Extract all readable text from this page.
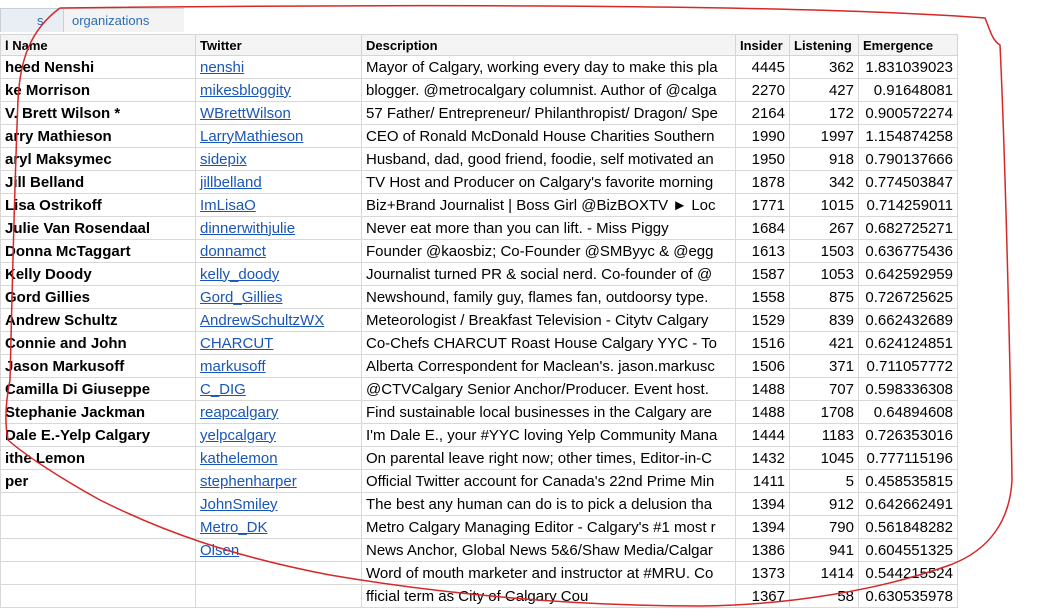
s	organizations
l Name	Twitter	Description	Insider	Listening	Emergence
heed Nenshi	nenshi	Mayor of Calgary, working every day to make this pla	4445	362	1.831039023
ke Morrison	mikesbloggity	blogger. @metrocalgary columnist. Author of @calga	2270	427	0.91648081
V. Brett Wilson *	WBrettWilson	57 Father/ Entrepreneur/ Philanthropist/ Dragon/ Spe	2164	172	0.900572274
arry Mathieson	LarryMathieson	CEO of Ronald McDonald House Charities Southern	1990	1997	1.154874258
aryl Maksymec	sidepix	Husband, dad, good friend, foodie, self motivated an	1950	918	0.790137666
Jill Belland	jillbelland	TV Host and Producer on Calgary's favorite morning	1878	342	0.774503847
Lisa Ostrikoff	ImLisaO	Biz+Brand Journalist | Boss Girl @BizBOXTV ► Loc	1771	1015	0.714259011
Julie Van Rosendaal	dinnerwithjulie	Never eat more than you can lift. - Miss Piggy	1684	267	0.682725271
Donna McTaggart	donnamct	Founder @kaosbiz; Co-Founder @SMByyc & @egg	1613	1503	0.636775436
Kelly Doody	kelly_doody	Journalist turned PR & social nerd. Co-founder of @	1587	1053	0.642592959
Gord Gillies	Gord_Gillies	Newshound, family guy, flames fan, outdoorsy type.	1558	875	0.726725625
Andrew Schultz	AndrewSchultzWX	Meteorologist / Breakfast Television - Citytv Calgary	1529	839	0.662432689
Connie and John	CHARCUT	Co-Chefs CHARCUT Roast House Calgary YYC - To	1516	421	0.624124851
Jason Markusoff	markusoff	Alberta Correspondent for Maclean's. jason.markusc	1506	371	0.711057772
Camilla Di Giuseppe	C_DIG	@CTVCalgary Senior Anchor/Producer. Event host.	1488	707	0.598336308
Stephanie Jackman	reapcalgary	Find sustainable local businesses in the Calgary are	1488	1708	0.64894608
Dale E.-Yelp Calgary	yelpcalgary	I'm Dale E., your #YYC loving Yelp Community Mana	1444	1183	0.726353016
ithe Lemon	kathelemon	On parental leave right now; other times, Editor-in-C	1432	1045	0.777115196
per	stephenharper	Official Twitter account for Canada's 22nd Prime Min	1411	5	0.458535815
	JohnSmiley	The best any human can do is to pick a delusion tha	1394	912	0.642662491
	Metro_DK	Metro Calgary Managing Editor - Calgary's #1 most r	1394	790	0.561848282
	Olsen	News Anchor, Global News 5&6/Shaw Media/Calgar	1386	941	0.604551325
		Word of mouth marketer and instructor at #MRU. Co	1373	1414	0.544215524
		fficial term as City of Calgary Cou	1367	58	0.630535978
